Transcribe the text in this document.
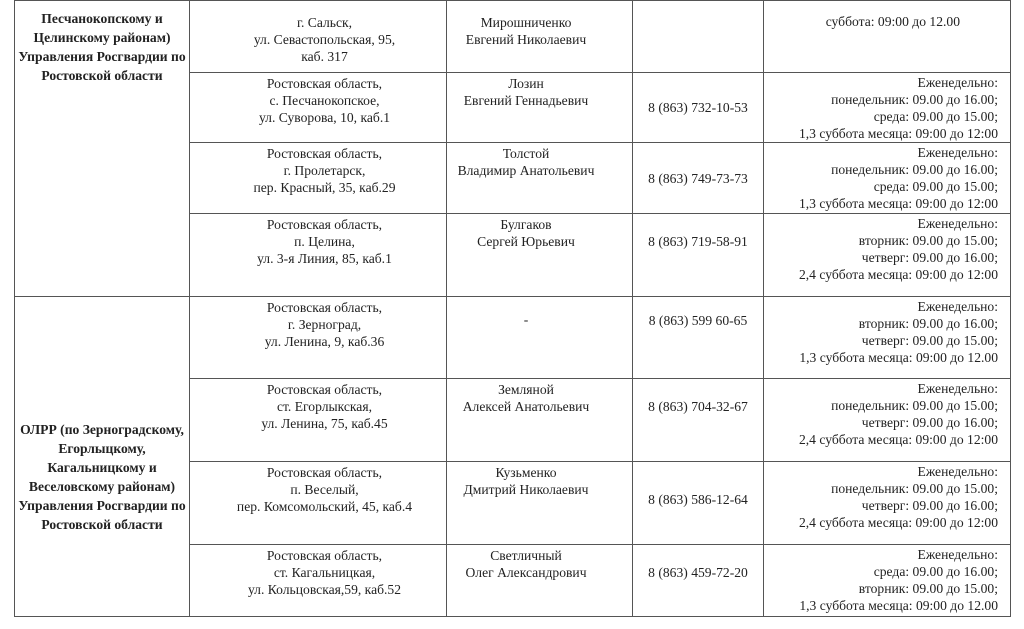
Песчанокопскому и Целинскому районам) Управления Росгвардии по Ростовской области	г. Сальск,
ул. Севастопольская, 95,
каб. 317	Мирошниченко
Евгений Николаевич		суббота: 09:00 до 12.00

	Ростовская область,
с. Песчанокопское,
ул. Суворова, 10, каб.1	Лозин
Евгений Геннадьевич	8 (863) 732-10-53	Еженедельно:
понедельник: 09.00 до 16.00;
среда: 09.00 до 15.00;
1,3 суббота месяца: 09:00 до 12:00

	Ростовская область,
г. Пролетарск,
пер. Красный, 35, каб.29	Толстой
Владимир Анатольевич	8 (863) 749-73-73	Еженедельно:
понедельник: 09.00 до 16.00;
среда: 09.00 до 15.00;
1,3 суббота месяца: 09:00 до 12:00

	Ростовская область,
п. Целина,
ул. 3-я Линия, 85, каб.1	Булгаков
Сергей Юрьевич	8 (863) 719-58-91	Еженедельно:
вторник: 09.00 до 15.00;
четверг: 09.00 до 16.00;
2,4 суббота месяца: 09:00 до 12:00

ОЛРР (по Зерноградскому, Егорлыцкому, Кагальницкому и Веселовскому районам) Управления Росгвардии по Ростовской области	Ростовская область,
г. Зерноград,
ул. Ленина, 9, каб.36	-	8 (863) 599 60-65	Еженедельно:
вторник: 09.00 до 16.00;
четверг: 09.00 до 15.00;
1,3 суббота месяца: 09:00 до 12.00

	Ростовская область,
ст. Егорлыкская,
ул. Ленина, 75, каб.45	Земляной
Алексей Анатольевич	8 (863) 704-32-67	Еженедельно:
понедельник: 09.00 до 15.00;
четверг: 09.00 до 16.00;
2,4 суббота месяца: 09:00 до 12:00

	Ростовская область,
п. Веселый,
пер. Комсомольский, 45, каб.4	Кузьменко
Дмитрий Николаевич	8 (863) 586-12-64	Еженедельно:
понедельник: 09.00 до 15.00;
четверг: 09.00 до 16.00;
2,4 суббота месяца: 09:00 до 12:00

	Ростовская область,
ст. Кагальницкая,
ул. Кольцовская,59, каб.52	Светличный
Олег Александрович	8 (863) 459-72-20	Еженедельно:
среда: 09.00 до 16.00;
вторник: 09.00 до 15.00;
1,3 суббота месяца: 09:00 до 12.00
